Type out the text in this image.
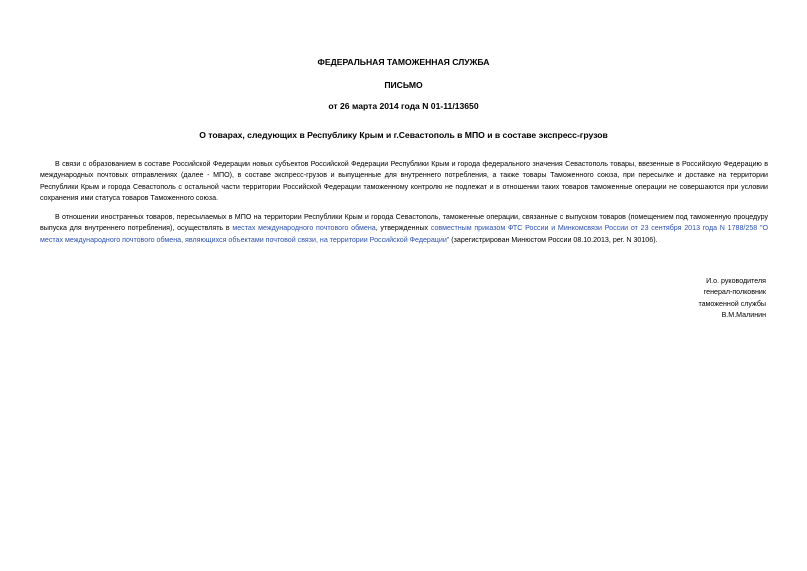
ФЕДЕРАЛЬНАЯ ТАМОЖЕННАЯ СЛУЖБА
ПИСЬМО
от 26 марта 2014 года N 01-11/13650
О товарах, следующих в Республику Крым и г.Севастополь в МПО и в составе экспресс-грузов

В связи с образованием в составе Российской Федерации новых субъектов Российской Федерации Республики Крым и города федерального значения Севастополь товары, ввезенные в Российскую Федерацию в международных почтовых отправлениях (далее - МПО), в составе экспресс-грузов и выпущенные для внутреннего потребления, а также товары Таможенного союза, при пересылке и доставке на территории Республики Крым и города Севастополь с остальной части территории Российской Федерации таможенному контролю не подлежат и в отношении таких товаров таможенные операции не совершаются при условии сохранения ими статуса товаров Таможенного союза.

В отношении иностранных товаров, пересылаемых в МПО на территории Республики Крым и города Севастополь, таможенные операции, связанные с выпуском товаров (помещением под таможенную процедуру выпуска для внутреннего потребления), осуществлять в местах международного почтового обмена, утвержденных совместным приказом ФТС России и Минкомсвязи России от 23 сентября 2013 года N 1788/258 "О местах международного почтового обмена, являющихся объектами почтовой связи, на территории Российской Федерации" (зарегистрирован Минюстом России 08.10.2013, рег. N 30106).

И.о. руководителя
генерал-полковник
таможенной службы
В.М.Малинин
